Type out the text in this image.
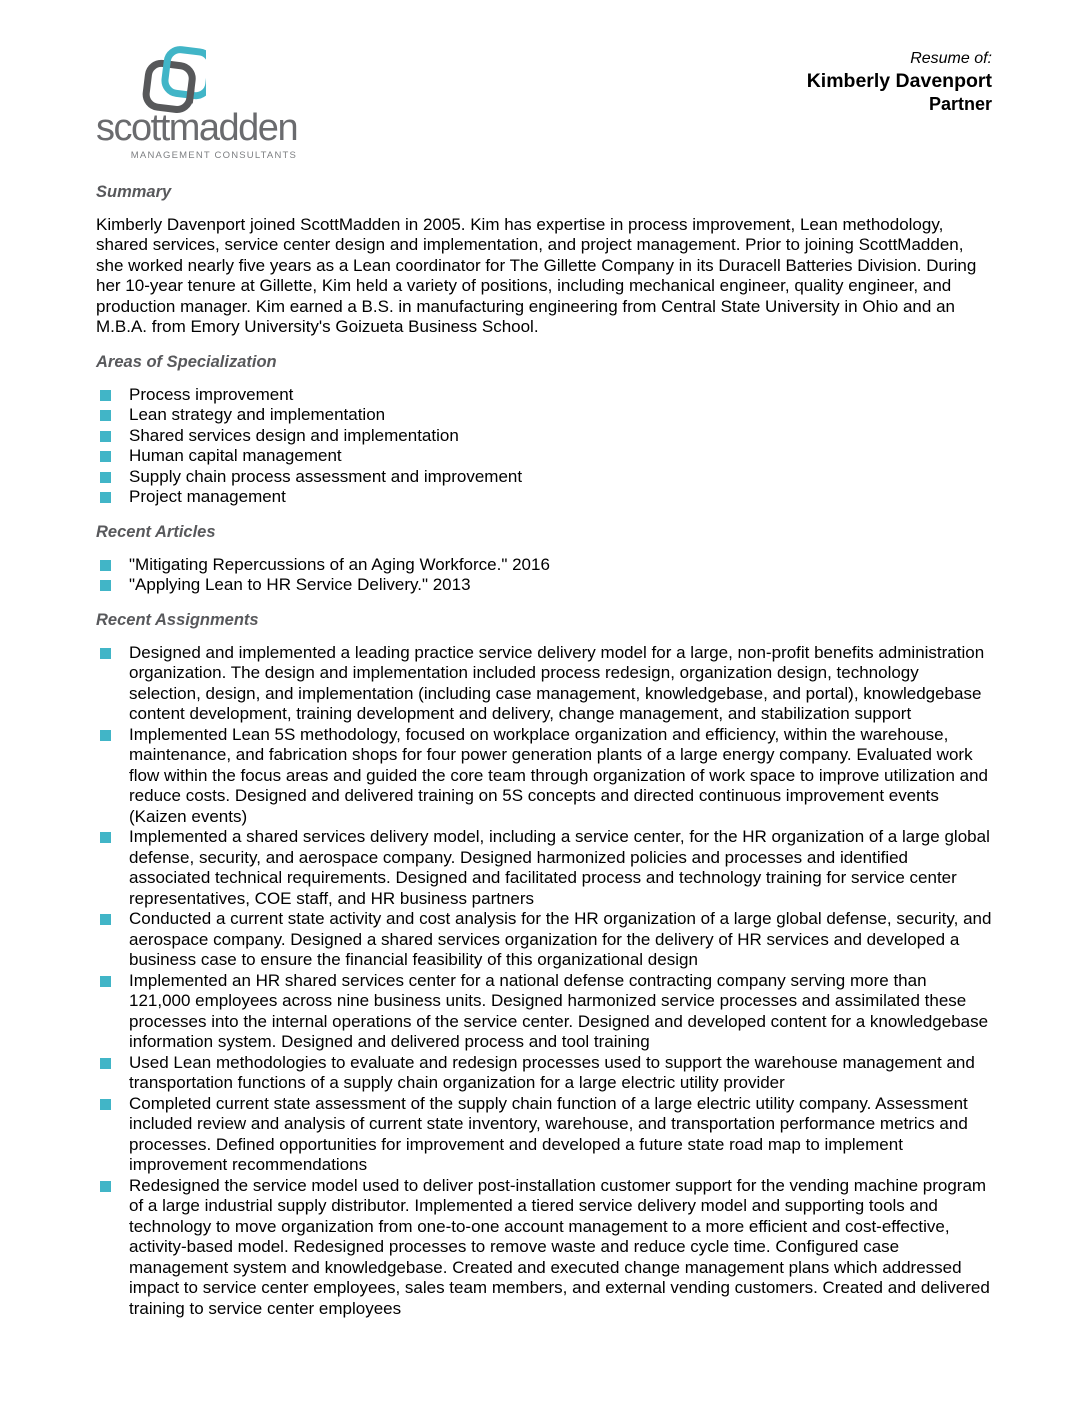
scottmadden
MANAGEMENT CONSULTANTS
Resume of:
Kimberly Davenport
Partner
Summary

Kimberly Davenport joined ScottMadden in 2005. Kim has expertise in process improvement, Lean methodology, shared services, service center design and implementation, and project management. Prior to joining ScottMadden, she worked nearly five years as a Lean coordinator for The Gillette Company in its Duracell Batteries Division. During her 10-year tenure at Gillette, Kim held a variety of positions, including mechanical engineer, quality engineer, and production manager. Kim earned a B.S. in manufacturing engineering from Central State University in Ohio and an M.B.A. from Emory University's Goizueta Business School.

Areas of Specialization
Process improvement
Lean strategy and implementation
Shared services design and implementation
Human capital management
Supply chain process assessment and improvement
Project management
Recent Articles
"Mitigating Repercussions of an Aging Workforce." 2016
"Applying Lean to HR Service Delivery." 2013
Recent Assignments
Designed and implemented a leading practice service delivery model for a large, non-profit benefits administration organization. The design and implementation included process redesign, organization design, technology selection, design, and implementation (including case management, knowledgebase, and portal), knowledgebase content development, training development and delivery, change management, and stabilization support
Implemented Lean 5S methodology, focused on workplace organization and efficiency, within the warehouse, maintenance, and fabrication shops for four power generation plants of a large energy company. Evaluated work flow within the focus areas and guided the core team through organization of work space to improve utilization and reduce costs. Designed and delivered training on 5S concepts and directed continuous improvement events (Kaizen events)
Implemented a shared services delivery model, including a service center, for the HR organization of a large global defense, security, and aerospace company. Designed harmonized policies and processes and identified associated technical requirements. Designed and facilitated process and technology training for service center representatives, COE staff, and HR business partners
Conducted a current state activity and cost analysis for the HR organization of a large global defense, security, and aerospace company. Designed a shared services organization for the delivery of HR services and developed a business case to ensure the financial feasibility of this organizational design
Implemented an HR shared services center for a national defense contracting company serving more than 121,000 employees across nine business units. Designed harmonized service processes and assimilated these processes into the internal operations of the service center. Designed and developed content for a knowledgebase information system. Designed and delivered process and tool training
Used Lean methodologies to evaluate and redesign processes used to support the warehouse management and transportation functions of a supply chain organization for a large electric utility provider
Completed current state assessment of the supply chain function of a large electric utility company. Assessment included review and analysis of current state inventory, warehouse, and transportation performance metrics and processes. Defined opportunities for improvement and developed a future state road map to implement improvement recommendations
Redesigned the service model used to deliver post-installation customer support for the vending machine program of a large industrial supply distributor. Implemented a tiered service delivery model and supporting tools and technology to move organization from one-to-one account management to a more efficient and cost-effective, activity-based model. Redesigned processes to remove waste and reduce cycle time. Configured case management system and knowledgebase. Created and executed change management plans which addressed impact to service center employees, sales team members, and external vending customers. Created and delivered training to service center employees
